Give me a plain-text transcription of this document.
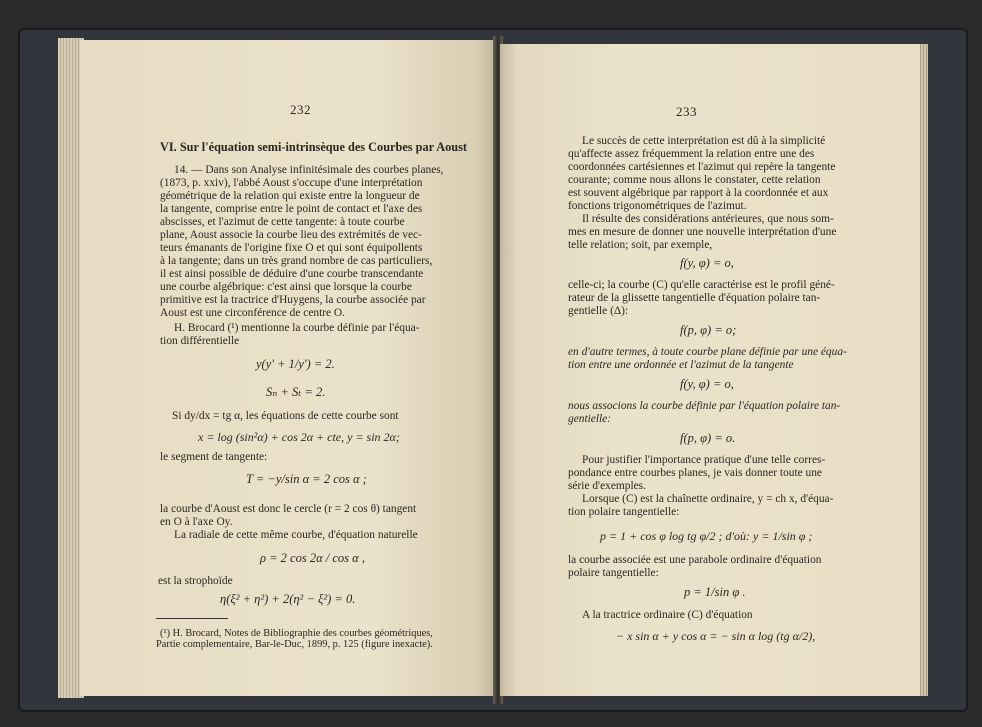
232
VI. Sur l'équation semi-intrinsèque des Courbes par Aoust
14. — Dans son Analyse infinitésimale des courbes planes,
(1873, p. xxiv), l'abbé Aoust s'occupe d'une interprétation
géométrique de la relation qui existe entre la longueur de
la tangente, comprise entre le point de contact et l'axe des
abscisses, et l'azimut de cette tangente: à toute courbe
plane, Aoust associe la courbe lieu des extrémités de vec-
teurs émanants de l'origine fixe O et qui sont équipollents
à la tangente; dans un très grand nombre de cas particuliers,
il est ainsi possible de déduire d'une courbe transcendante
une courbe algébrique: c'est ainsi que lorsque la courbe
primitive est la tractrice d'Huygens, la courbe associée par
Aoust est une circonférence de centre O.
H. Brocard (¹) mentionne la courbe définie par l'équa-
tion différentielle
y(y' + 1/y') = 2.
Sₙ + Sₜ = 2.
Si dy/dx = tg α, les équations de cette courbe sont
x = log (sin²α) + cos 2α + cte, y = sin 2α;
le segment de tangente:
T = −y/sin α = 2 cos α ;
la courbe d'Aoust est donc le cercle (r = 2 cos θ) tangent
en O à l'axe Oy.
La radiale de cette même courbe, d'équation naturelle
ρ = 2 cos 2α / cos α ,
est la strophoïde
η(ξ² + η²) + 2(η² − ξ²) = 0.
(¹) H. Brocard, Notes de Bibliographie des courbes géométriques,
Partie complementaire, Bar-le-Duc, 1899, p. 125 (figure inexacte).
233
Le succès de cette interprétation est dû à la simplicité
qu'affecte assez fréquemment la relation entre une des
coordonnées cartésiennes et l'azimut qui repère la tangente
courante; comme nous allons le constater, cette relation
est souvent algébrique par rapport à la coordonnée et aux
fonctions trigonométriques de l'azimut.
Il résulte des considérations antérieures, que nous som-
mes en mesure de donner une nouvelle interprétation d'une
telle relation; soit, par exemple,
f(y, φ) = o,
celle-ci; la courbe (C) qu'elle caractérise est le profil géné-
rateur de la glissette tangentielle d'équation polaire tan-
gentielle (Δ):
f(p, φ) = o;
en d'autre termes, à toute courbe plane définie par une équa-
tion entre une ordonnée et l'azimut de la tangente
f(y, φ) = o,
nous associons la courbe définie par l'équation polaire tan-
gentielle:
f(p, φ) = o.
Pour justifier l'importance pratique d'une telle corres-
pondance entre courbes planes, je vais donner toute une
série d'exemples.
Lorsque (C) est la chaînette ordinaire, y = ch x, d'équa-
tion polaire tangentielle:
p = 1 + cos φ log tg φ/2 ; d'où: y = 1/sin φ ;
la courbe associée est une parabole ordinaire d'équation
polaire tangentielle:
p = 1/sin φ .
A la tractrice ordinaire (C) d'équation
− x sin α + y cos α = − sin α log (tg α/2),
